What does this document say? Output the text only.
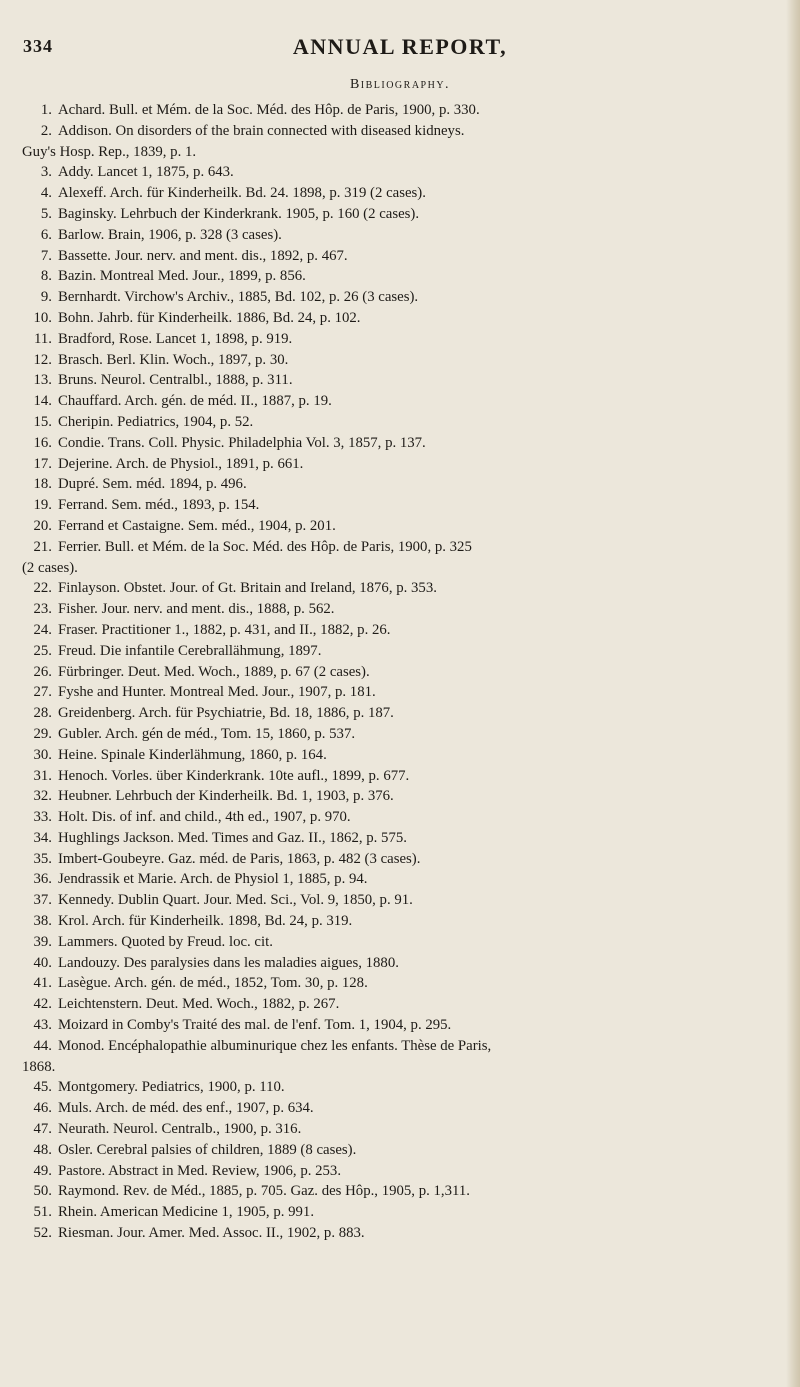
334	ANNUAL REPORT,
Bibliography.
1. Achard. Bull. et Mém. de la Soc. Méd. des Hôp. de Paris, 1900, p. 330.
2. Addison. On disorders of the brain connected with diseased kidneys.
Guy's Hosp. Rep., 1839, p. 1.
3. Addy. Lancet 1, 1875, p. 643.
4. Alexeff. Arch. für Kinderheilk. Bd. 24. 1898, p. 319 (2 cases).
5. Baginsky. Lehrbuch der Kinderkrank. 1905, p. 160 (2 cases).
6. Barlow. Brain, 1906, p. 328 (3 cases).
7. Bassette. Jour. nerv. and ment. dis., 1892, p. 467.
8. Bazin. Montreal Med. Jour., 1899, p. 856.
9. Bernhardt. Virchow's Archiv., 1885, Bd. 102, p. 26 (3 cases).
10. Bohn. Jahrb. für Kinderheilk. 1886, Bd. 24, p. 102.
11. Bradford, Rose. Lancet 1, 1898, p. 919.
12. Brasch. Berl. Klin. Woch., 1897, p. 30.
13. Bruns. Neurol. Centralbl., 1888, p. 311.
14. Chauffard. Arch. gén. de méd. II., 1887, p. 19.
15. Cheripin. Pediatrics, 1904, p. 52.
16. Condie. Trans. Coll. Physic. Philadelphia Vol. 3, 1857, p. 137.
17. Dejerine. Arch. de Physiol., 1891, p. 661.
18. Dupré. Sem. méd. 1894, p. 496.
19. Ferrand. Sem. méd., 1893, p. 154.
20. Ferrand et Castaigne. Sem. méd., 1904, p. 201.
21. Ferrier. Bull. et Mém. de la Soc. Méd. des Hôp. de Paris, 1900, p. 325
(2 cases).
22. Finlayson. Obstet. Jour. of Gt. Britain and Ireland, 1876, p. 353.
23. Fisher. Jour. nerv. and ment. dis., 1888, p. 562.
24. Fraser. Practitioner 1., 1882, p. 431, and II., 1882, p. 26.
25. Freud. Die infantile Cerebrallähmung, 1897.
26. Fürbringer. Deut. Med. Woch., 1889, p. 67 (2 cases).
27. Fyshe and Hunter. Montreal Med. Jour., 1907, p. 181.
28. Greidenberg. Arch. für Psychiatrie, Bd. 18, 1886, p. 187.
29. Gubler. Arch. gén de méd., Tom. 15, 1860, p. 537.
30. Heine. Spinale Kinderlähmung, 1860, p. 164.
31. Henoch. Vorles. über Kinderkrank. 10te aufl., 1899, p. 677.
32. Heubner. Lehrbuch der Kinderheilk. Bd. 1, 1903, p. 376.
33. Holt. Dis. of inf. and child., 4th ed., 1907, p. 970.
34. Hughlings Jackson. Med. Times and Gaz. II., 1862, p. 575.
35. Imbert-Goubeyre. Gaz. méd. de Paris, 1863, p. 482 (3 cases).
36. Jendrassik et Marie. Arch. de Physiol 1, 1885, p. 94.
37. Kennedy. Dublin Quart. Jour. Med. Sci., Vol. 9, 1850, p. 91.
38. Krol. Arch. für Kinderheilk. 1898, Bd. 24, p. 319.
39. Lammers. Quoted by Freud. loc. cit.
40. Landouzy. Des paralysies dans les maladies aigues, 1880.
41. Lasègue. Arch. gén. de méd., 1852, Tom. 30, p. 128.
42. Leichtenstern. Deut. Med. Woch., 1882, p. 267.
43. Moizard in Comby's Traité des mal. de l'enf. Tom. 1, 1904, p. 295.
44. Monod. Encéphalopathie albuminurique chez les enfants. Thèse de Paris,
1868.
45. Montgomery. Pediatrics, 1900, p. 110.
46. Muls. Arch. de méd. des enf., 1907, p. 634.
47. Neurath. Neurol. Centralb., 1900, p. 316.
48. Osler. Cerebral palsies of children, 1889 (8 cases).
49. Pastore. Abstract in Med. Review, 1906, p. 253.
50. Raymond. Rev. de Méd., 1885, p. 705. Gaz. des Hôp., 1905, p. 1,311.
51. Rhein. American Medicine 1, 1905, p. 991.
52. Riesman. Jour. Amer. Med. Assoc. II., 1902, p. 883.
